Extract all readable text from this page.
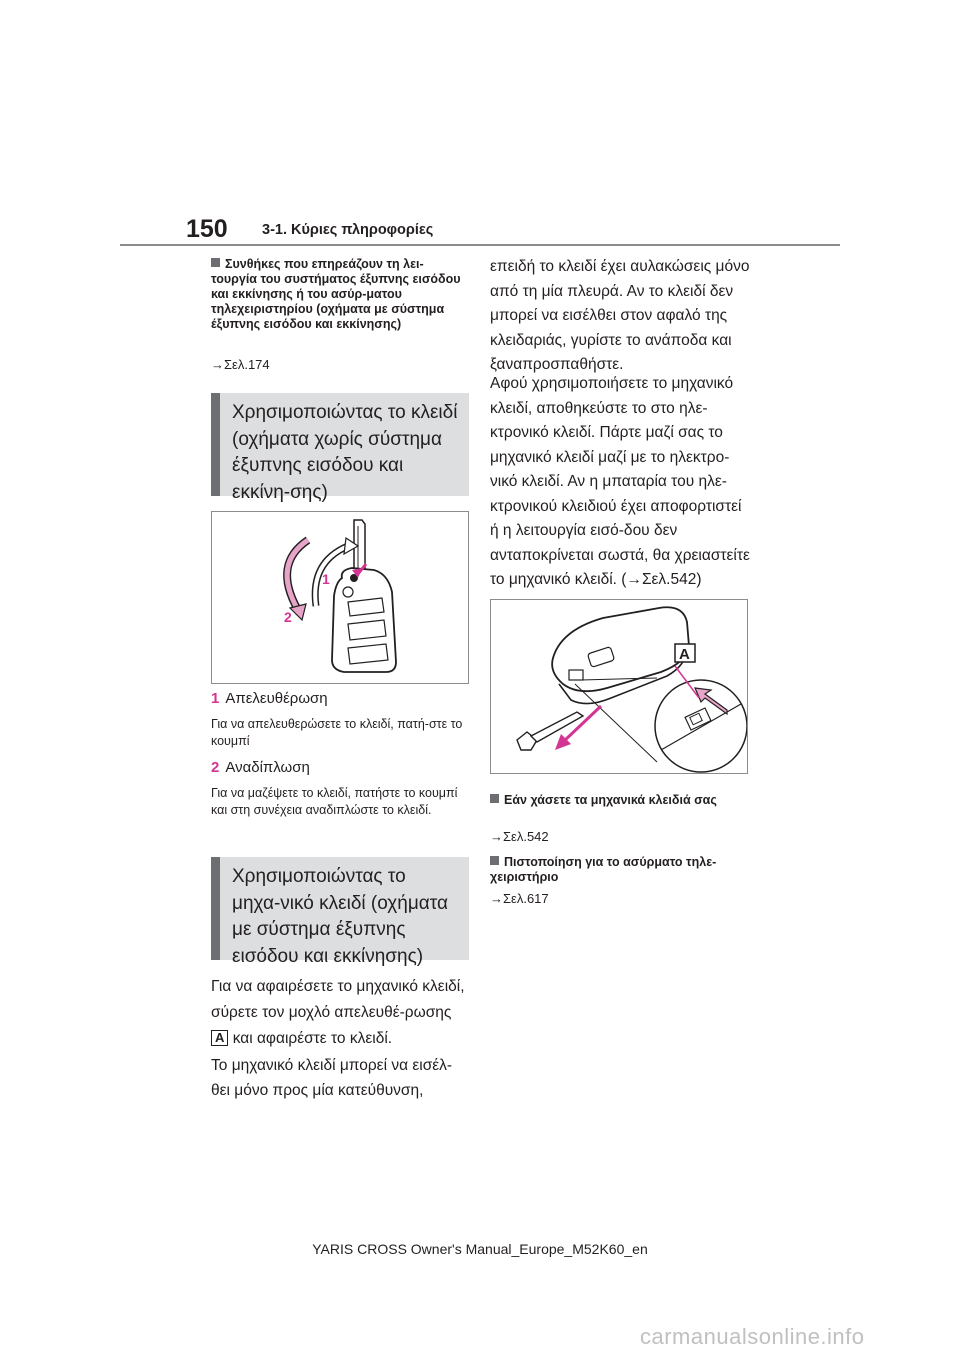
150 3-1. Κύριες πληροφορίες
Συνθήκες που επηρεάζουν τη λει-τουργία του συστήματος έξυπνης εισόδου και εκκίνησης ή του ασύρ-ματου τηλεχειριστηρίου (οχήματα με σύστημα έξυπνης εισόδου και εκκίνησης)
→Σελ.174
Χρησιμοποιώντας το κλειδί (οχήματα χωρίς σύστημα έξυπνης εισόδου και εκκίνη-σης)
1
2
1 Απελευθέρωση
Για να απελευθερώσετε το κλειδί, πατή-στε το κουμπί
2 Αναδίπλωση
Για να μαζέψετε το κλειδί, πατήστε το κουμπί και στη συνέχεια αναδιπλώστε το κλειδί.
Χρησιμοποιώντας το μηχα-νικό κλειδί (οχήματα με σύστημα έξυπνης εισόδου και εκκίνησης)
Για να αφαιρέσετε το μηχανικό κλειδί, σύρετε τον μοχλό απελευθέ-ρωσης A και αφαιρέστε το κλειδί.
Το μηχανικό κλειδί μπορεί να εισέλ-θει μόνο προς μία κατεύθυνση,
επειδή το κλειδί έχει αυλακώσεις μόνο από τη μία πλευρά. Αν το κλειδί δεν μπορεί να εισέλθει στον αφαλό της κλειδαριάς, γυρίστε το ανάποδα και ξαναπροσπαθήστε.
Αφού χρησιμοποιήσετε το μηχανικό κλειδί, αποθηκεύστε το στο ηλε-κτρονικό κλειδί. Πάρτε μαζί σας το μηχανικό κλειδί μαζί με το ηλεκτρο-νικό κλειδί. Αν η μπαταρία του ηλε-κτρονικού κλειδιού έχει αποφορτιστεί ή η λειτουργία εισό-δου δεν ανταποκρίνεται σωστά, θα χρειαστείτε το μηχανικό κλειδί. (→Σελ.542)
A
Εάν χάσετε τα μηχανικά κλειδιά σας
→Σελ.542
Πιστοποίηση για το ασύρματο τηλε-χειριστήριο
→Σελ.617
YARIS CROSS Owner's Manual_Europe_M52K60_en
carmanualsonline.info
